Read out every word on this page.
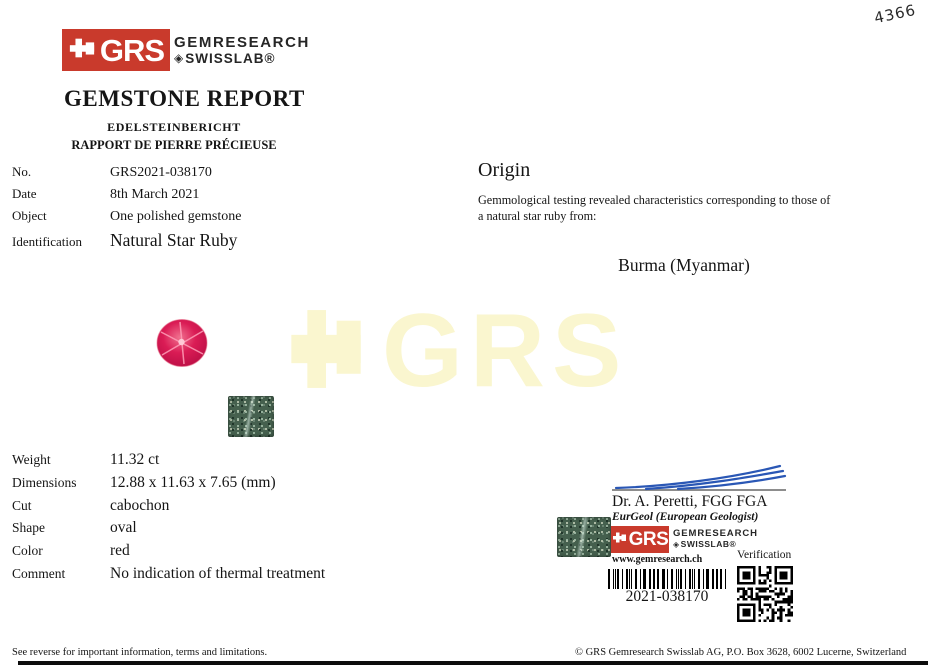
4366
GRS GEMRESEARCH
◈ SWISSLAB®
GEMSTONE REPORT
EDELSTEINBERICHT
RAPPORT DE PIERRE PRÉCIEUSE
No.	GRS2021-038170
Date	8th March 2021
Object	One polished gemstone
Identification	Natural Star Ruby
Origin

Gemmological testing revealed characteristics corresponding to those of a natural star ruby from:

Burma (Myanmar)
GRS
Weight	11.32 ct
Dimensions	12.88 x 11.63 x 7.65 (mm)
Cut	cabochon
Shape	oval
Color	red
Comment	No indication of thermal treatment
Dr. A. Peretti, FGG FGA
EurGeol (European Geologist)
GRS GEMRESEARCH
◈ SWISSLAB®
www.gemresearch.ch	Verification
2021-038170
See reverse for important information, terms and limitations.	© GRS Gemresearch Swisslab AG, P.O. Box 3628, 6002 Lucerne, Switzerland
